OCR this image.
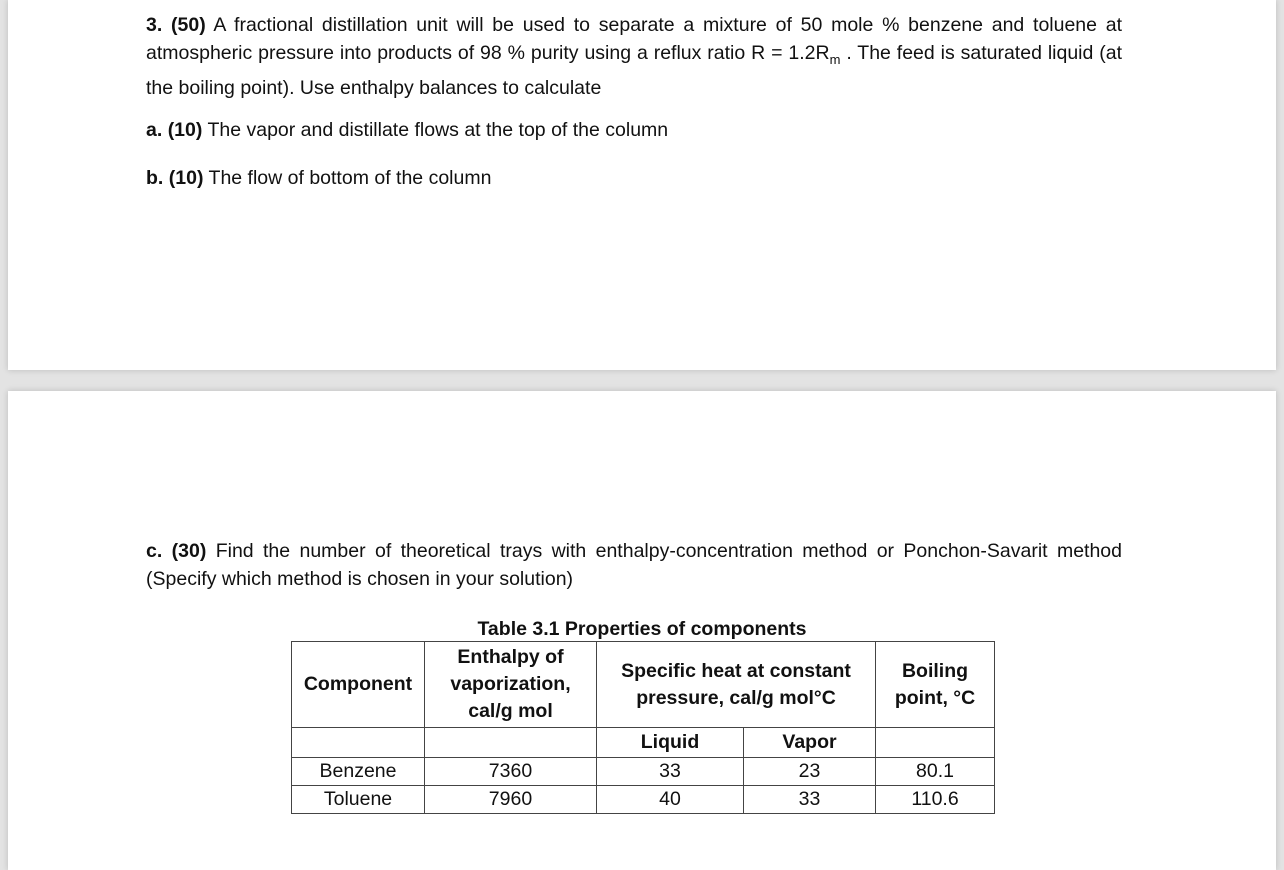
3. (50) A fractional distillation unit will be used to separate a mixture of 50 mole % benzene and toluene at atmospheric pressure into products of 98 % purity using a reflux ratio $R = 1.2R_m$ . The feed is saturated liquid (at the boiling point). Use enthalpy balances to calculate

a. (10) The vapor and distillate flows at the top of the column

b. (10) The flow of bottom of the column

c. (30) Find the number of theoretical trays with enthalpy-concentration method or Ponchon-Savarit method (Specify which method is chosen in your solution)

Table 3.1 Properties of components
Component	Enthalpy of vaporization, cal/g mol	Specific heat at constant pressure, cal/g mol°C		Boiling point, °C
		Liquid	Vapor	
Benzene	7360	33	23	80.1
Toluene	7960	40	33	110.6
